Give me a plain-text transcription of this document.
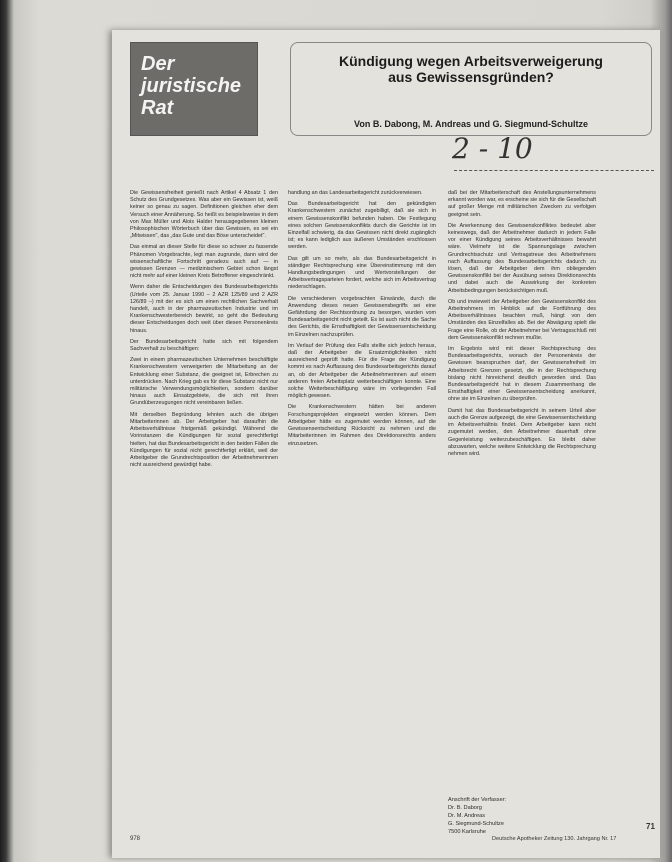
Der
juristische Rat
Kündigung wegen Arbeitsverweigerung
aus Gewissensgründen?
Von B. Dabong, M. Andreas und G. Siegmund-Schultze
2 - 10

Die Gewissensfreiheit genießt nach Artikel 4 Absatz 1 den Schutz des Grundgesetzes. Was aber ein Gewissen ist, weiß keiner so genau zu sagen. Definitionen gleichen eher dem Versuch einer Annäherung. So heißt es beispielsweise in dem von Max Müller und Alois Halder herausgegebenen kleinen Philosophischen Wörterbuch über das Gewissen, es sei ein „Mitwissen", das „das Gute und das Böse unterscheidet".

Das einmal an dieser Stelle für diese so schwer zu fassende Phänomen Vorgebrachte, legt man zugrunde, dann wird der wissenschaftliche Fortschritt geradezu auch auf — in gewissen Grenzen — medizinischem Gebiet schon längst nicht mehr auf einer kleinen Kreis Betroffener eingeschränkt.

Wenn daher die Entscheidungen des Bundesarbeitsgerichts (Urteile vom 25. Januar 1990 – 2 AZR 125/89 und 2 AZR 126/89 –) mit der es sich um einen rechtlichen Sachverhalt handelt, auch in der pharmazeutischen Industrie und im Krankenschwesterbereich bewirkt, so geht die Bedeutung dieser Entscheidungen doch weit über diesen Personenkreis hinaus.

Der Bundesarbeitsgericht hatte sich mit folgendem Sachverhalt zu beschäftigen:

Zwei in einem pharmazeutischen Unternehmen beschäftigte Krankenschwestern verweigerten die Mitarbeitung an der Entwicklung einer Substanz, die geeignet ist, Erbrechen zu unterdrücken. Nach Krieg gab es für diese Substanz nicht nur militärische Verwendungsmöglichkeiten, sondern darüber hinaus auch Einsatzgebiete, die sich mit ihren Grundüberzeugungen nicht vereinbaren ließen.

Mit derselben Begründung lehnten auch die übrigen Mitarbeiterinnen ab. Der Arbeitgeber hat daraufhin die Arbeitsverhältnisse fristgemäß gekündigt. Während die Vorinstanzen die Kündigungen für sozial gerechtfertigt hielten, hat das Bundesarbeitsgericht in den beiden Fällen die Kündigungen für sozial nicht gerechtfertigt erklärt, weil der Arbeitgeber die Grundrechtsposition der Arbeitnehmerinnen nicht ausreichend gewürdigt habe.

handlung an das Landesarbeitsgericht zurückverwiesen.

Das Bundesarbeitsgericht hat den gekündigten Krankenschwestern zunächst zugebilligt, daß sie sich in einem Gewissenskonflikt befunden haben. Die Festlegung eines solchen Gewissenskonflikts durch die Gerichte ist im Einzelfall schwierig, da das Gewissen nicht direkt zugänglich ist; es kann lediglich aus äußeren Umständen erschlossen werden.

Das gilt um so mehr, als das Bundesarbeitsgericht in ständiger Rechtsprechung eine Übereinstimmung mit den Handlungsbedingungen und Wertvorstellungen der Arbeitsvertragsparteien fordert, welche sich im Arbeitsvertrag niederschlagen.

Die verschiedenen vorgebrachten Einwände, durch die Anwendung dieses neuen Gewissensbegriffs sei eine Gefährdung der Rechtsordnung zu besorgen, wurden vom Bundesarbeitsgericht nicht geteilt. Es ist auch nicht die Sache des Gerichts, die Ernsthaftigkeit der Gewissensentscheidung im Einzelnen nachzuprüfen.

Im Verlauf der Prüfung des Falls stellte sich jedoch heraus, daß der Arbeitgeber die Ersatzmöglichkeiten nicht ausreichend geprüft hatte. Für die Frage der Kündigung kommt es nach Auffassung des Bundesarbeitsgerichts darauf an, ob der Arbeitgeber die Arbeitnehmerinnen auf einem anderen freien Arbeitsplatz weiterbeschäftigen konnte. Eine solche Weiterbeschäftigung wäre im vorliegenden Fall möglich gewesen.

Die Krankenschwestern hätten bei anderen Forschungsprojekten eingesetzt werden können. Dem Arbeitgeber hätte es zugemutet werden können, auf die Gewissensentscheidung Rücksicht zu nehmen und die Mitarbeiterinnen im Rahmen des Direktionsrechts anders einzusetzen.

daß bei der Mitarbeiterschaft des Anstellungsunternehmens erkannt worden war, es erscheine sie sich für die Gesellschaft auf großer Menge mit militärischen Zwecken zu verfolgen geeignet sein.

Die Anerkennung des Gewissenskonfliktes bedeutet aber keineswegs, daß der Arbeitnehmer dadurch in jedem Falle vor einer Kündigung seines Arbeitsverhältnisses bewahrt wäre. Vielmehr ist die Spannungslage zwischen Grundrechtsschutz und Vertragstreue des Arbeitnehmers nach Auffassung des Bundesarbeitsgerichts dadurch zu lösen, daß der Arbeitgeber dem ihm obliegenden Gewissenskonflikt bei der Ausübung seines Direktionsrechts und dabei auch die Auswirkung der konkreten Arbeitsbedingungen berücksichtigen muß.

Ob und inwieweit der Arbeitgeber den Gewissenskonflikt des Arbeitnehmers im Hinblick auf die Fortführung des Arbeitsverhältnisses beachten muß, hängt von den Umständen des Einzelfalles ab. Bei der Abwägung spielt die Frage eine Rolle, ob der Arbeitnehmer bei Vertragsschluß mit dem Gewissenskonflikt rechnen mußte.

Im Ergebnis wird mit dieser Rechtsprechung des Bundesarbeitsgerichts, wonach der Personenkreis der Gewissen beanspruchen darf, der Gewissensfreiheit im Arbeitsrecht Grenzen gesetzt, die in der Rechtsprechung bislang nicht hinreichend deutlich geworden sind. Das Bundesarbeitsgericht hat in diesem Zusammenhang die Ernsthaftigkeit einer Gewissensentscheidung anerkannt, ohne sie im Einzelnen zu überprüfen.

Damit hat das Bundesarbeitsgericht in seinem Urteil aber auch die Grenze aufgezeigt, die eine Gewissensentscheidung im Arbeitsverhältnis findet. Dem Arbeitgeber kann nicht zugemutet werden, den Arbeitnehmer dauerhaft ohne Gegenleistung weiterzubeschäftigen. Es bleibt daher abzuwarten, welche weitere Entwicklung die Rechtsprechung nehmen wird.

Anschrift der Verfasser:
Dr. B. Daborg
Dr. M. Andreas
G. Siegmund-Schultze
7500 Karlsruhe
71
978	Deutsche Apotheker Zeitung 130. Jahrgang Nr. 17
